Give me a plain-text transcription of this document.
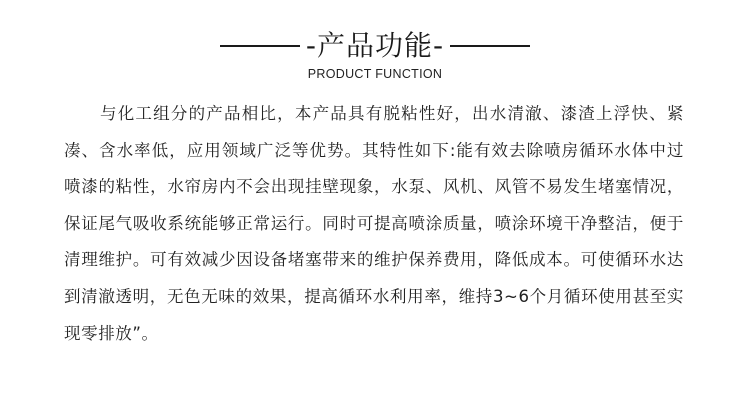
-产品功能-
PRODUCT FUNCTION

与化工组分的产品相比，本产品具有脱粘性好，出水清澈、漆渣上浮快、紧凑、含水率低，应用领域广泛等优势。其特性如下:能有效去除喷房循环水体中过喷漆的粘性，水帘房内不会出现挂壁现象，水泵、风机、风管不易发生堵塞情况，保证尾气吸收系统能够正常运行。同时可提高喷涂质量，喷涂环境干净整洁，便于清理维护。可有效减少因设备堵塞带来的维护保养费用，降低成本。可使循环水达到清澈透明，无色无味的效果，提高循环水利用率，维持3~6个月循环使用甚至实现零排放”。
